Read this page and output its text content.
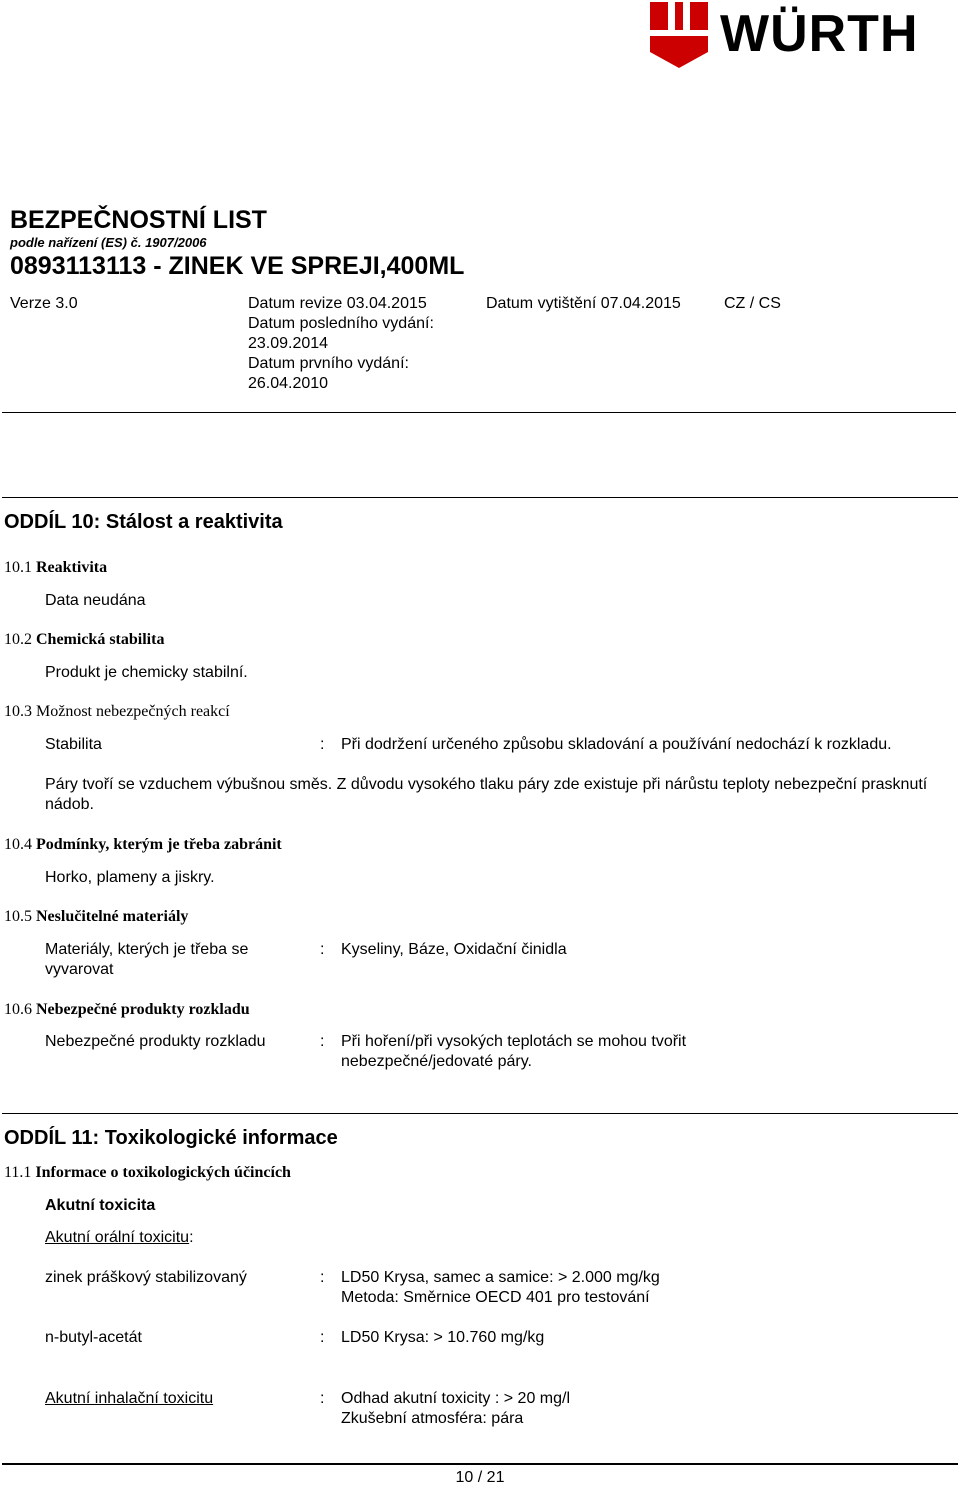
WÜRTH
BEZPEČNOSTNÍ LIST
podle nařízení (ES) č. 1907/2006
0893113113 - ZINEK VE SPREJI,400ML
Verze 3.0	Datum revize 03.04.2015
Datum posledního vydání:
23.09.2014
Datum prvního vydání:
26.04.2010
Datum vytištění 07.04.2015	CZ / CS
ODDÍL 10: Stálost a reaktivita
10.1 Reaktivita
Data neudána
10.2 Chemická stabilita
Produkt je chemicky stabilní.
10.3 Možnost nebezpečných reakcí
Stabilita	: Při dodržení určeného způsobu skladování a používání nedochází k rozkladu.
Páry tvoří se vzduchem výbušnou směs. Z důvodu vysokého tlaku páry zde existuje při nárůstu teploty nebezpeční prasknutí nádob.
10.4 Podmínky, kterým je třeba zabránit
Horko, plameny a jiskry.
10.5 Neslučitelné materiály
Materiály, kterých je třeba se vyvarovat
: Kyseliny, Báze, Oxidační činidla
10.6 Nebezpečné produkty rozkladu
Nebezpečné produkty rozkladu	: Při hoření/při vysokých teplotách se mohou tvořit nebezpečné/jedovaté páry.
ODDÍL 11: Toxikologické informace
11.1 Informace o toxikologických účincích
Akutní toxicita
Akutní orální toxicitu:
zinek práškový stabilizovaný	: LD50 Krysa, samec a samice: > 2.000 mg/kg
Metoda: Směrnice OECD 401 pro testování
n-butyl-acetát	: LD50 Krysa: > 10.760 mg/kg
Akutní inhalační toxicitu	: Odhad akutní toxicity : > 20 mg/l
Zkušební atmosféra: pára
10 / 21
